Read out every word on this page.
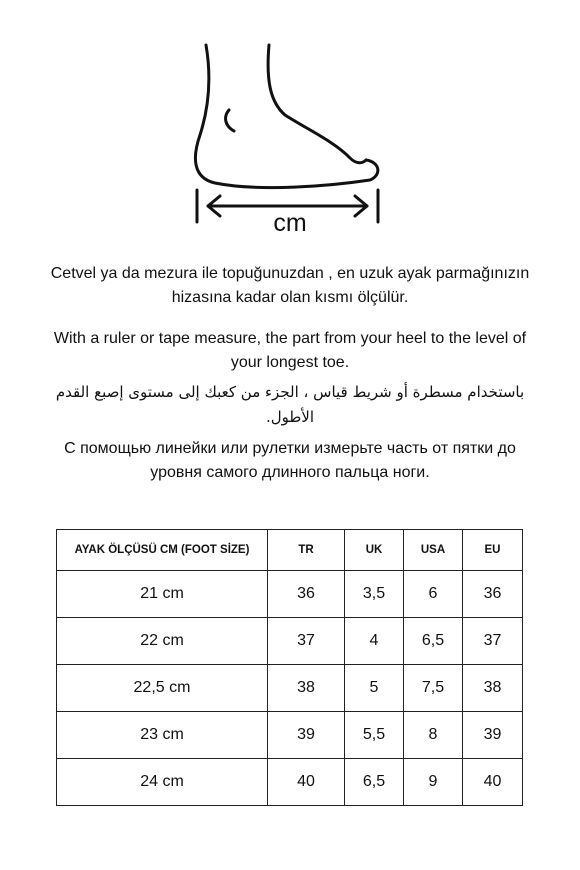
cm
Cetvel ya da mezura ile topuğunuzdan , en uzuk ayak parmağınızın hizasına kadar olan kısmı ölçülür.
With a ruler or tape measure, the part from your heel to the level of your longest toe.
باستخدام مسطرة أو شريط قياس ، الجزء من كعبك إلى مستوى إصبع القدم الأطول.
С помощью линейки или рулетки измерьте часть от пятки до уровня самого длинного пальца ноги.
AYAK ÖLÇÜSÜ CM (FOOT SİZE)	TR	UK	USA	EU
21 cm	36	3,5	6	36
22 cm	37	4	6,5	37
22,5 cm	38	5	7,5	38
23 cm	39	5,5	8	39
24 cm	40	6,5	9	40
